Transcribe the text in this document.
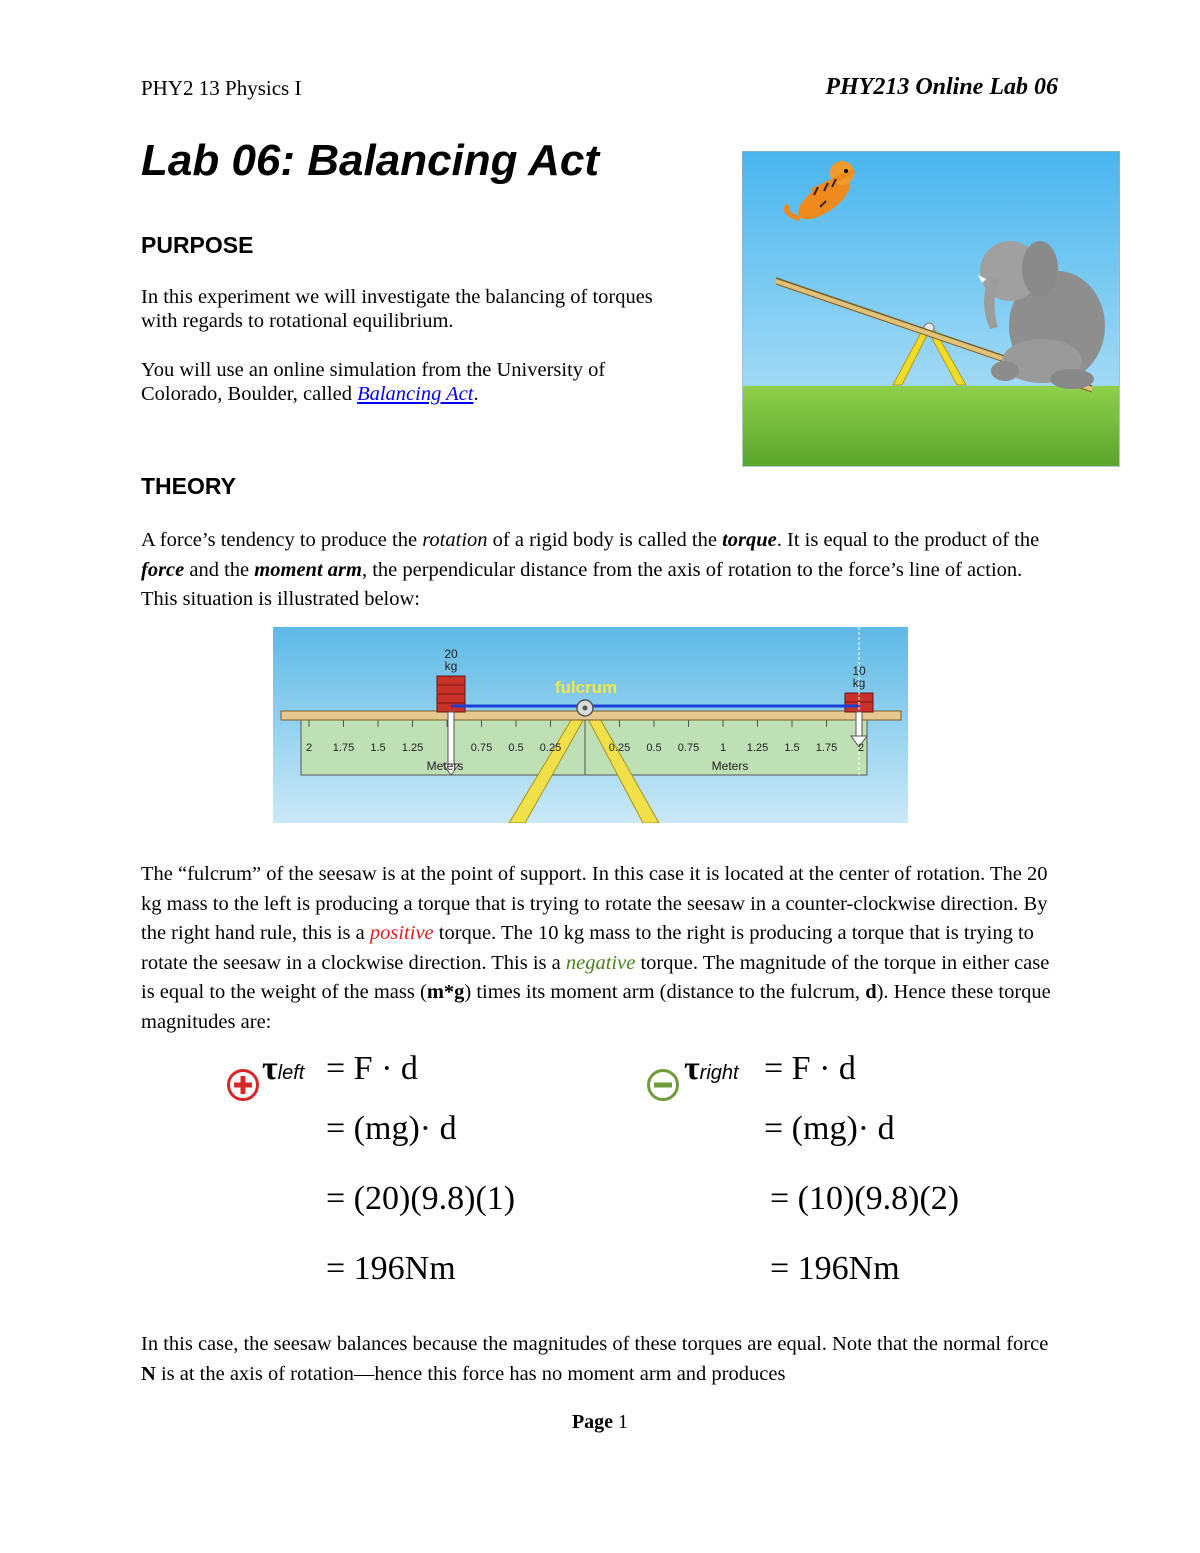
PHY2 13 Physics I	PHY213 Online Lab 06
Lab 06: Balancing Act
PURPOSE
In this experiment we will investigate the balancing of torques
with regards to rotational equilibrium.
You will use an online simulation from the University of
Colorado, Boulder, called Balancing Act.
THEORY
A force’s tendency to produce the rotation of a rigid body is called the torque. It is equal to the product of the force and the moment arm, the perpendicular distance from the axis of rotation to the force’s line of action. This situation is illustrated below:
20
kg	10
kg
fulcrum
2 1.75 1.5 1.25	0.75 0.5 0.25	0.25 0.5 0.75 1 1.25 1.5 1.75 2
Meters	Meters
The “fulcrum” of the seesaw is at the point of support. In this case it is located at the center of rotation. The 20 kg mass to the left is producing a torque that is trying to rotate the seesaw in a counter-clockwise direction. By the right hand rule, this is a positive torque. The 10 kg mass to the right is producing a torque that is trying to rotate the seesaw in a clockwise direction. This is a negative torque. The magnitude of the torque in either case is equal to the weight of the mass (m*g) times its moment arm (distance to the fulcrum, d). Hence these torque magnitudes are:
τleft = F · d
= (mg)· d
= (20)(9.8)(1)
= 196Nm
τright = F · d
= (mg)· d
= (10)(9.8)(2)
= 196Nm
In this case, the seesaw balances because the magnitudes of these torques are equal. Note that the normal force N is at the axis of rotation—hence this force has no moment arm and produces
Page 1
